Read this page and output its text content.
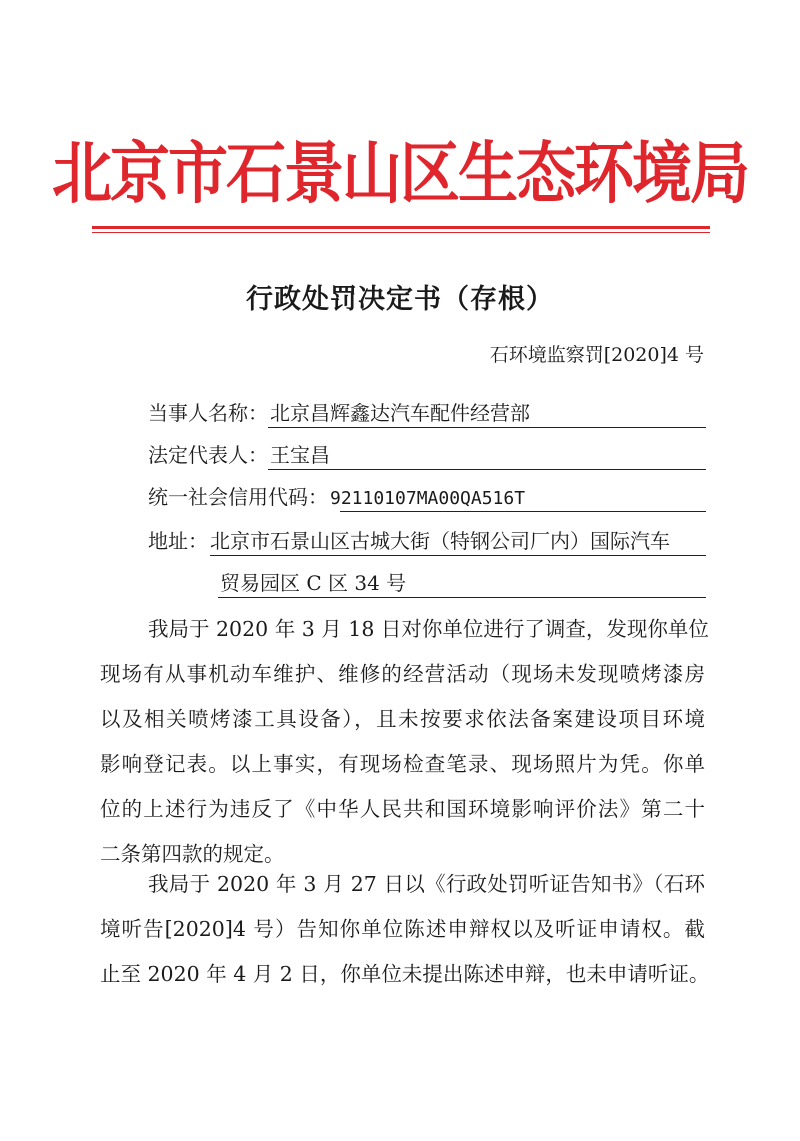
北京市石景山区生态环境局
行政处罚决定书（存根）
石环境监察罚[2020]4 号
当事人名称： 北京昌辉鑫达汽车配件经营部
法定代表人： 王宝昌
统一社会信用代码： 92110107MA00QA516T
地址： 北京市石景山区古城大街（特钢公司厂内）国际汽车
贸易园区 C 区 34 号
我局于 2020 年 3 月 18 日对你单位进行了调查，发现你单位
现场有从事机动车维护、维修的经营活动（现场未发现喷烤漆房
以及相关喷烤漆工具设备），且未按要求依法备案建设项目环境
影响登记表。以上事实，有现场检查笔录、现场照片为凭。你单
位的上述行为违反了《中华人民共和国环境影响评价法》第二十
二条第四款的规定。
我局于 2020 年 3 月 27 日以《行政处罚听证告知书》（石环
境听告[2020]4 号）告知你单位陈述申辩权以及听证申请权。截
止至 2020 年 4 月 2 日，你单位未提出陈述申辩，也未申请听证。
